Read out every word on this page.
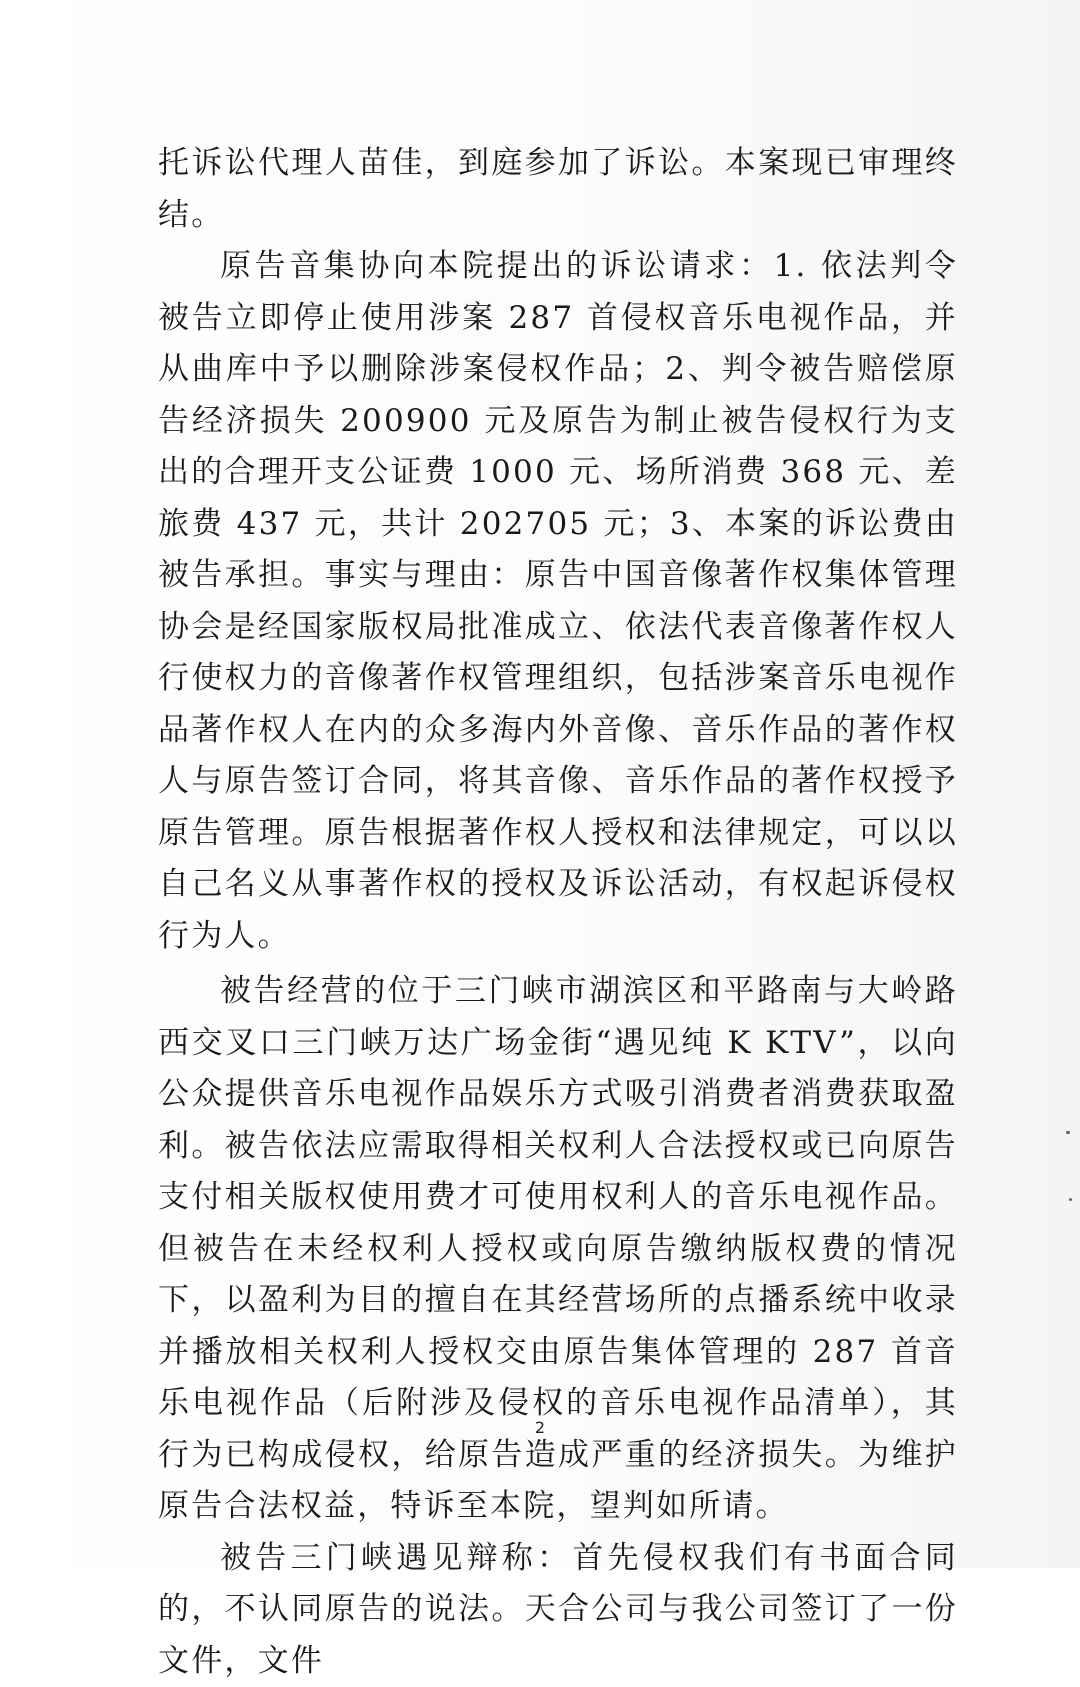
托诉讼代理人苗佳，到庭参加了诉讼。本案现已审理终结。

原告音集协向本院提出的诉讼请求：1. 依法判令被告立即停止使用涉案 287 首侵权音乐电视作品，并从曲库中予以删除涉案侵权作品；2、判令被告赔偿原告经济损失 200900 元及原告为制止被告侵权行为支出的合理开支公证费 1000 元、场所消费 368 元、差旅费 437 元，共计 202705 元；3、本案的诉讼费由被告承担。事实与理由：原告中国音像著作权集体管理协会是经国家版权局批准成立、依法代表音像著作权人行使权力的音像著作权管理组织，包括涉案音乐电视作品著作权人在内的众多海内外音像、音乐作品的著作权人与原告签订合同，将其音像、音乐作品的著作权授予原告管理。原告根据著作权人授权和法律规定，可以以自己名义从事著作权的授权及诉讼活动，有权起诉侵权行为人。

被告经营的位于三门峡市湖滨区和平路南与大岭路西交叉口三门峡万达广场金街“遇见纯 K KTV”，以向公众提供音乐电视作品娱乐方式吸引消费者消费获取盈利。被告依法应需取得相关权利人合法授权或已向原告支付相关版权使用费才可使用权利人的音乐电视作品。但被告在未经权利人授权或向原告缴纳版权费的情况下，以盈利为目的擅自在其经营场所的点播系统中收录并播放相关权利人授权交由原告集体管理的 287 首音乐电视作品（后附涉及侵权的音乐电视作品清单），其行为已构成侵权，给原告造成严重的经济损失。为维护原告合法权益，特诉至本院，望判如所请。

被告三门峡遇见辩称：首先侵权我们有书面合同的，不认同原告的说法。天合公司与我公司签订了一份文件，文件

2
